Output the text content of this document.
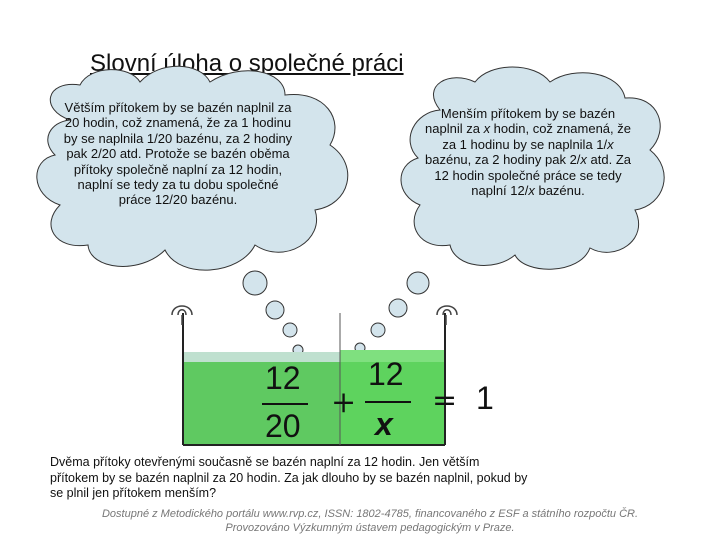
Slovní úloha o společné práci
Větším přítokem by se bazén naplnil za 20 hodin, což znamená, že za 1 hodinu by se naplnila 1/20 bazénu, za 2 hodiny pak 2/20 atd. Protože se bazén oběma přítoky společně naplní za 12 hodin, naplní se tedy za tu dobu společné práce 12/20 bazénu.
Menším přítokem by se bazén naplnil za x hodin, což znamená, že za 1 hodinu by se naplnila 1/x bazénu, za 2 hodiny pak 2/x atd. Za 12 hodin společné práce se tedy naplní 12/x bazénu.
12
20
+
12
x
= 1
Dvěma přítoky otevřenými současně se bazén naplní za 12 hodin. Jen větším přítokem by se bazén naplnil za 20 hodin. Za jak dlouho by se bazén naplnil, pokud by se plnil jen přítokem menším?
Dostupné z Metodického portálu www.rvp.cz, ISSN: 1802-4785, financovaného z ESF a státního rozpočtu ČR.
Provozováno Výzkumným ústavem pedagogickým v Praze.
